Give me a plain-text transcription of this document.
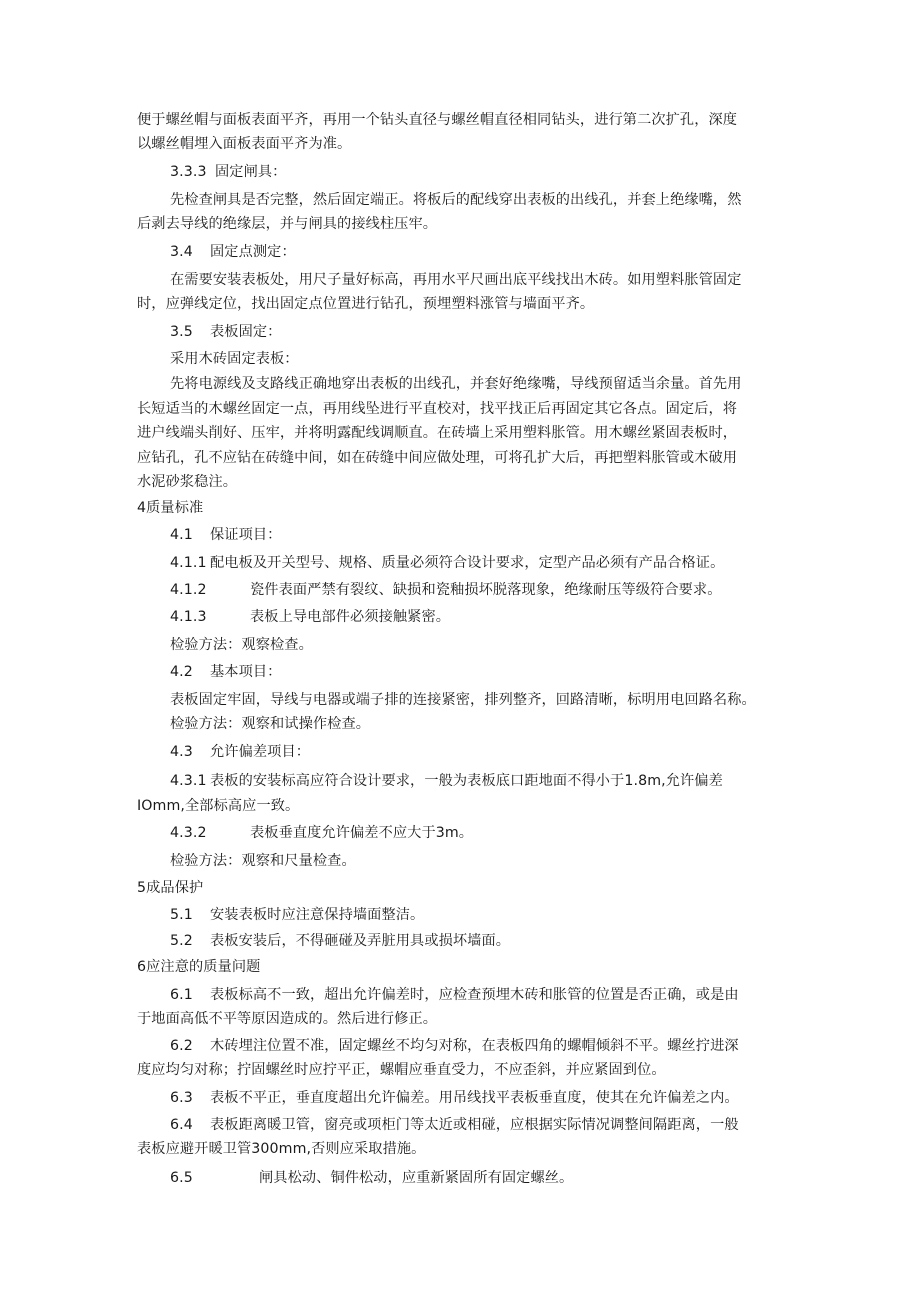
便于螺丝帽与面板表面平齐，再用一个钻头直径与螺丝帽直径相同钻头，进行第二次扩孔，深度
以螺丝帽埋入面板表面平齐为准。
3.3.3 固定闸具：
先检查闸具是否完整，然后固定端正。将板后的配线穿出表板的出线孔，并套上绝缘嘴，然
后剥去导线的绝缘层，并与闸具的接线柱压牢。
3.4 固定点测定：
在需要安装表板处，用尺子量好标高，再用水平尺画出底平线找出木砖。如用塑料胀管固定
时，应弹线定位，找出固定点位置进行钻孔，预埋塑料涨管与墙面平齐。
3.5 表板固定：
采用木砖固定表板：
先将电源线及支路线正确地穿出表板的出线孔，并套好绝缘嘴，导线预留适当余量。首先用
长短适当的木螺丝固定一点，再用线坠进行平直校对，找平找正后再固定其它各点。固定后，将
进户线端头削好、压牢，并将明露配线调顺直。在砖墙上采用塑料胀管。用木螺丝紧固表板时，
应钻孔，孔不应钻在砖缝中间，如在砖缝中间应做处理，可将孔扩大后，再把塑料胀管或木破用
水泥砂浆稳注。
4质量标准
4.1 保证项目：
4.1.1 配电板及开关型号、规格、质量必须符合设计要求，定型产品必须有产品合格证。
4.1.2	瓷件表面严禁有裂纹、缺损和瓷釉损坏脱落现象，绝缘耐压等级符合要求。
4.1.3	表板上导电部件必须接触紧密。
检验方法：观察检查。
4.2 基本项目：
表板固定牢固，导线与电器或端子排的连接紧密，排列整齐，回路清晰，标明用电回路名称。
检验方法：观察和试操作检查。
4.3 允许偏差项目：
4.3.1 表板的安装标高应符合设计要求，一般为表板底口距地面不得小于1.8m,允许偏差
IOmm,全部标高应一致。
4.3.2	表板垂直度允许偏差不应大于3m。
检验方法：观察和尺量检查。
5成品保护
5.1 安装表板时应注意保持墙面整洁。
5.2 表板安装后，不得砸碰及弄脏用具或损坏墙面。
6应注意的质量问题
6.1 表板标高不一致，超出允许偏差时，应检查预埋木砖和胀管的位置是否正确，或是由
于地面高低不平等原因造成的。然后进行修正。
6.2 木砖埋注位置不准，固定螺丝不均匀对称，在表板四角的螺帽倾斜不平。螺丝拧进深
度应均匀对称；拧固螺丝时应拧平正，螺帽应垂直受力，不应歪斜，并应紧固到位。
6.3 表板不平正，垂直度超出允许偏差。用吊线找平表板垂直度，使其在允许偏差之内。
6.4 表板距离暖卫管，窗亮或项柜门等太近或相碰，应根据实际情况调整间隔距离，一般
表板应避开暖卫管300mm,否则应采取措施。
6.5	闸具松动、铜件松动，应重新紧固所有固定螺丝。
